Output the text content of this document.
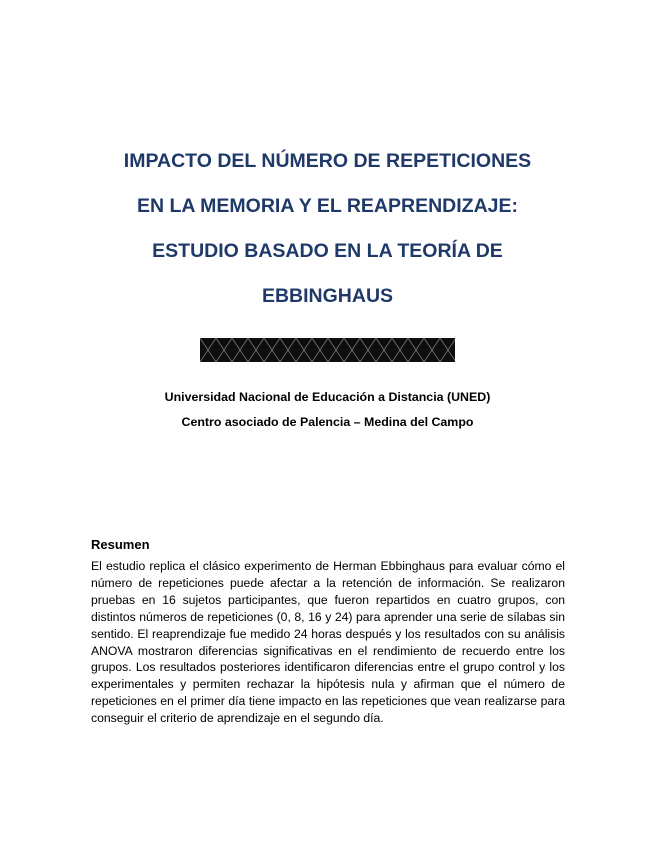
IMPACTO DEL NÚMERO DE REPETICIONES
EN LA MEMORIA Y EL REAPRENDIZAJE:
ESTUDIO BASADO EN LA TEORÍA DE
EBBINGHAUS
Universidad Nacional de Educación a Distancia (UNED)
Centro asociado de Palencia – Medina del Campo
Resumen

El estudio replica el clásico experimento de Herman Ebbinghaus para evaluar cómo el número de repeticiones puede afectar a la retención de información. Se realizaron pruebas en 16 sujetos participantes, que fueron repartidos en cuatro grupos, con distintos números de repeticiones (0, 8, 16 y 24) para aprender una serie de sílabas sin sentido. El reaprendizaje fue medido 24 horas después y los resultados con su análisis ANOVA mostraron diferencias significativas en el rendimiento de recuerdo entre los grupos. Los resultados posteriores identificaron diferencias entre el grupo control y los experimentales y permiten rechazar la hipótesis nula y afirman que el número de repeticiones en el primer día tiene impacto en las repeticiones que vean realizarse para conseguir el criterio de aprendizaje en el segundo día.
